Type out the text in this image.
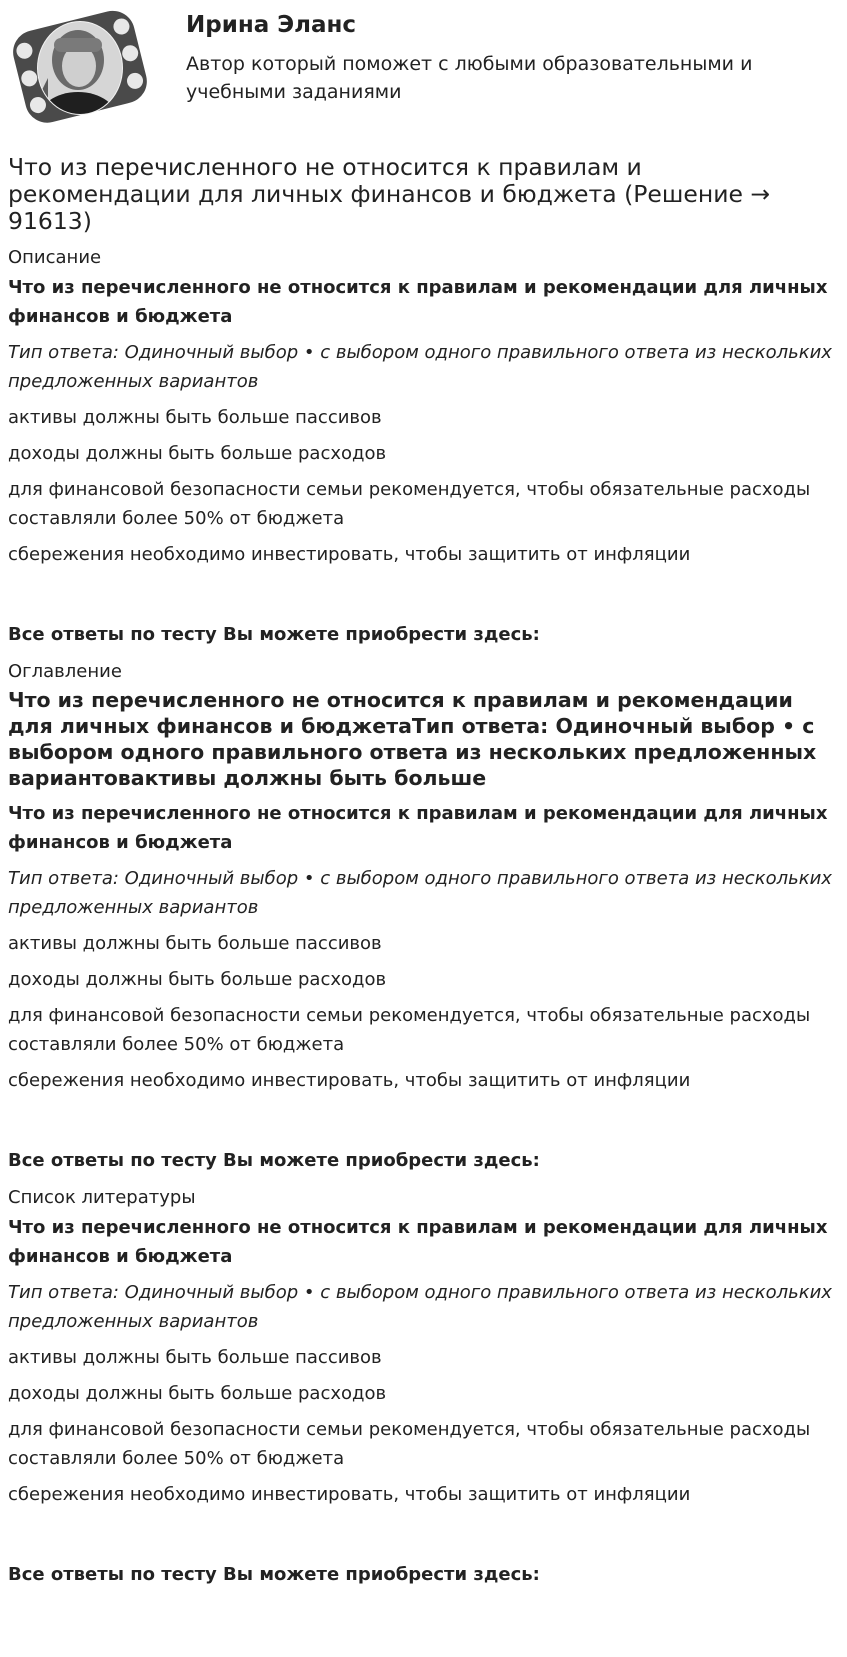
Ирина Эланс

Автор который поможет с любыми образовательными и учебными заданиями

Что из перечисленного не относится к правилам и рекомендации для личных финансов и бюджета (Решение → 91613)
Описание

Что из перечисленного не относится к правилам и рекомендации для личных финансов и бюджета

Тип ответа: Одиночный выбор • с выбором одного правильного ответа из нескольких предложенных вариантов

активы должны быть больше пассивов

доходы должны быть больше расходов

для финансовой безопасности семьи рекомендуется, чтобы обязательные расходы составляли более 50% от бюджета

сбережения необходимо инвестировать, чтобы защитить от инфляции

Все ответы по тесту Вы можете приобрести здесь:

Оглавление
Что из перечисленного не относится к правилам и рекомендации для личных финансов и бюджетаТип ответа: Одиночный выбор • с выбором одного правильного ответа из нескольких предложенных вариантовактивы должны быть больше

Что из перечисленного не относится к правилам и рекомендации для личных финансов и бюджета

Тип ответа: Одиночный выбор • с выбором одного правильного ответа из нескольких предложенных вариантов

активы должны быть больше пассивов

доходы должны быть больше расходов

для финансовой безопасности семьи рекомендуется, чтобы обязательные расходы составляли более 50% от бюджета

сбережения необходимо инвестировать, чтобы защитить от инфляции

Все ответы по тесту Вы можете приобрести здесь:

Список литературы

Что из перечисленного не относится к правилам и рекомендации для личных финансов и бюджета

Тип ответа: Одиночный выбор • с выбором одного правильного ответа из нескольких предложенных вариантов

активы должны быть больше пассивов

доходы должны быть больше расходов

для финансовой безопасности семьи рекомендуется, чтобы обязательные расходы составляли более 50% от бюджета

сбережения необходимо инвестировать, чтобы защитить от инфляции

Все ответы по тесту Вы можете приобрести здесь:
